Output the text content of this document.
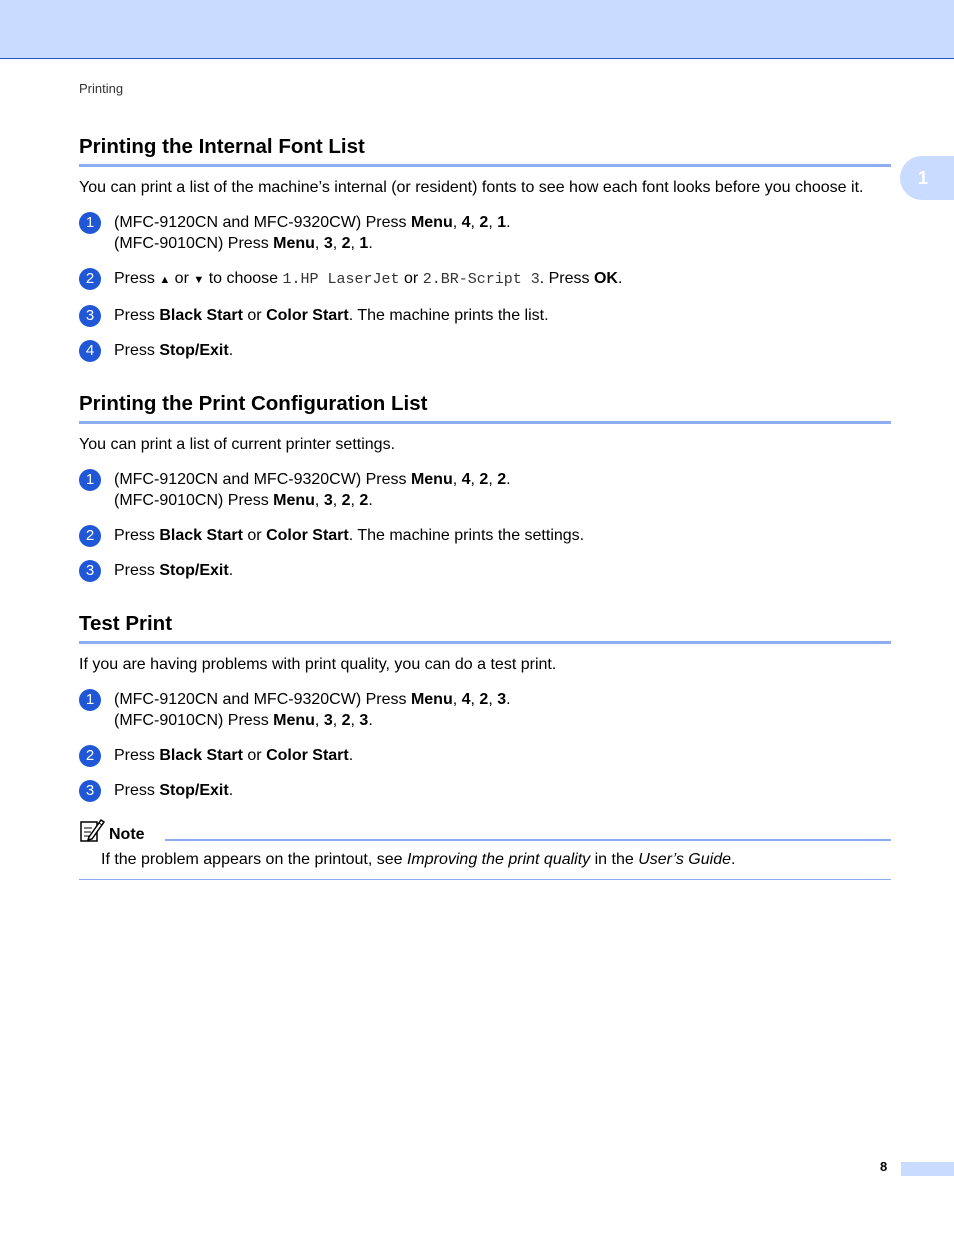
Printing
1
Printing the Internal Font List

You can print a list of the machine’s internal (or resident) fonts to see how each font looks before you choose it.

1	(MFC-9120CN and MFC-9320CW) Press Menu, 4, 2, 1.
(MFC-9010CN) Press Menu, 3, 2, 1.
2	Press ▲ or ▼ to choose 1.HP LaserJet or 2.BR-Script 3. Press OK.
3	Press Black Start or Color Start. The machine prints the list.
4	Press Stop/Exit.
Printing the Print Configuration List

You can print a list of current printer settings.

1	(MFC-9120CN and MFC-9320CW) Press Menu, 4, 2, 2.
(MFC-9010CN) Press Menu, 3, 2, 2.
2	Press Black Start or Color Start. The machine prints the settings.
3	Press Stop/Exit.
Test Print

If you are having problems with print quality, you can do a test print.

1	(MFC-9120CN and MFC-9320CW) Press Menu, 4, 2, 3.
(MFC-9010CN) Press Menu, 3, 2, 3.
2	Press Black Start or Color Start.
3	Press Stop/Exit.
Note
If the problem appears on the printout, see Improving the print quality in the User’s Guide.
8
